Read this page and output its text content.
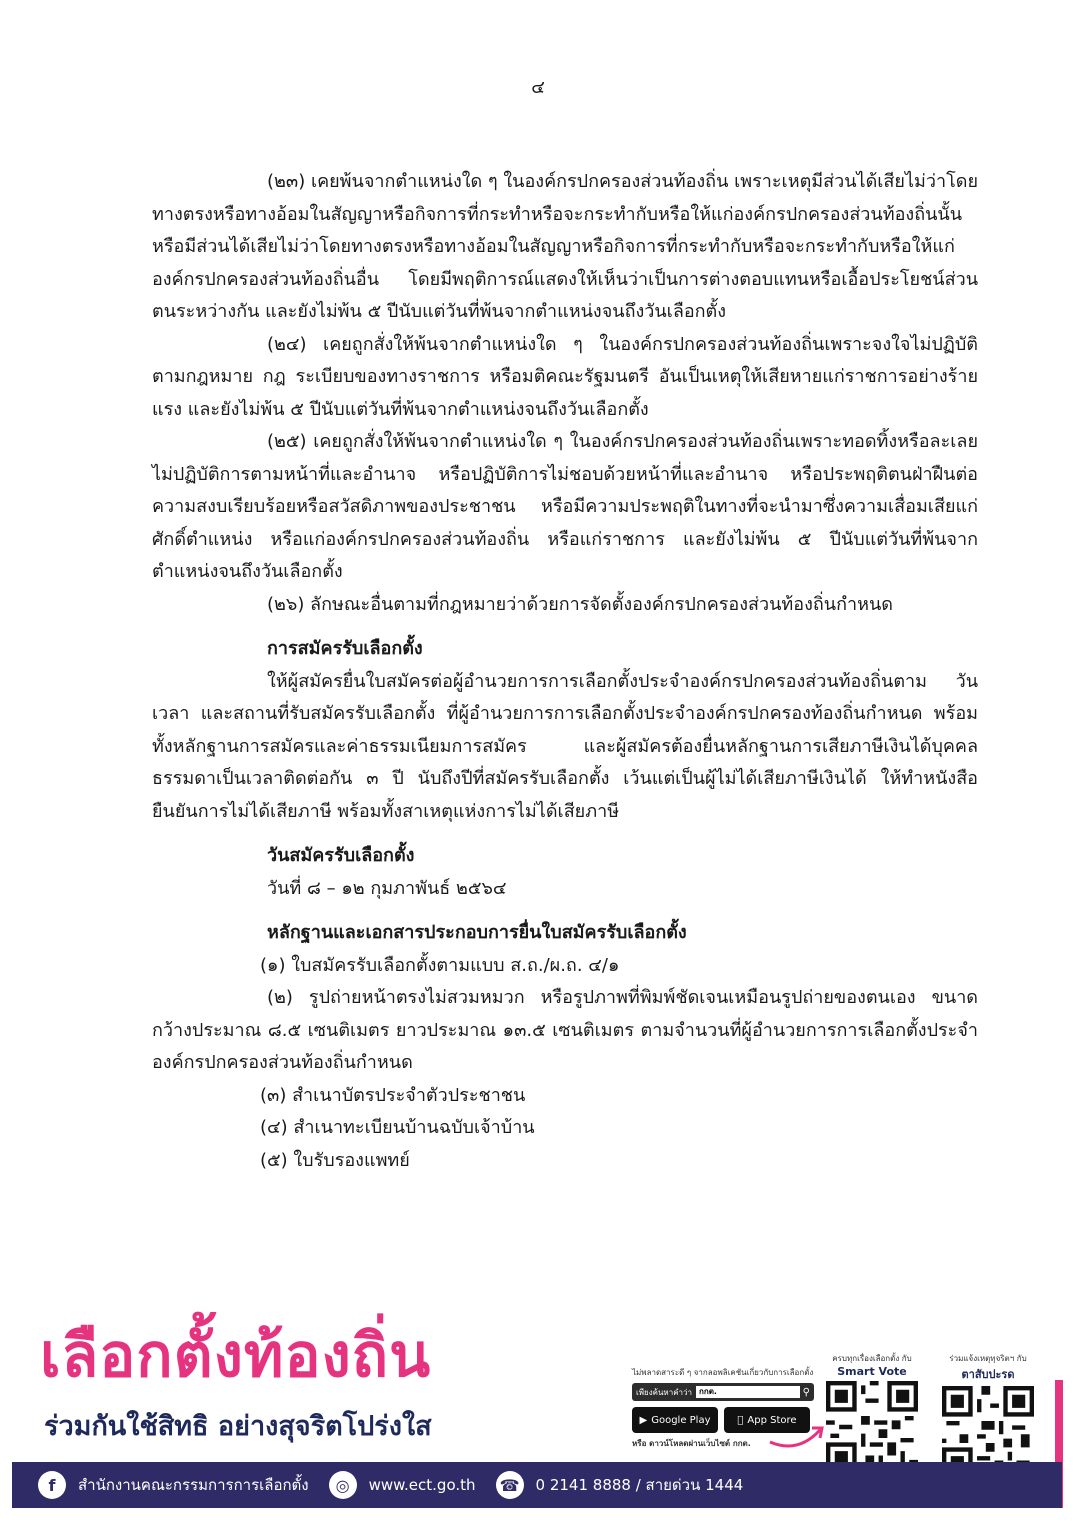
๔

(๒๓) เคยพ้นจากตำแหน่งใด ๆ ในองค์กรปกครองส่วนท้องถิ่น เพราะเหตุมีส่วนได้เสียไม่ว่าโดยทางตรงหรือทางอ้อมในสัญญาหรือกิจการที่กระทำหรือจะกระทำกับหรือให้แก่องค์กรปกครองส่วนท้องถิ่นนั้น หรือมีส่วนได้เสียไม่ว่าโดยทางตรงหรือทางอ้อมในสัญญาหรือกิจการที่กระทำกับหรือจะกระทำกับหรือให้แก่องค์กรปกครองส่วนท้องถิ่นอื่น โดยมีพฤติการณ์แสดงให้เห็นว่าเป็นการต่างตอบแทนหรือเอื้อประโยชน์ส่วนตนระหว่างกัน และยังไม่พ้น ๕ ปีนับแต่วันที่พ้นจากตำแหน่งจนถึงวันเลือกตั้ง

(๒๔) เคยถูกสั่งให้พ้นจากตำแหน่งใด ๆ ในองค์กรปกครองส่วนท้องถิ่นเพราะจงใจไม่ปฏิบัติตามกฎหมาย กฎ ระเบียบของทางราชการ หรือมติคณะรัฐมนตรี อันเป็นเหตุให้เสียหายแก่ราชการอย่างร้ายแรง และยังไม่พ้น ๕ ปีนับแต่วันที่พ้นจากตำแหน่งจนถึงวันเลือกตั้ง

(๒๕) เคยถูกสั่งให้พ้นจากตำแหน่งใด ๆ ในองค์กรปกครองส่วนท้องถิ่นเพราะทอดทิ้งหรือละเลยไม่ปฏิบัติการตามหน้าที่และอำนาจ หรือปฏิบัติการไม่ชอบด้วยหน้าที่และอำนาจ หรือประพฤติตนฝ่าฝืนต่อความสงบเรียบร้อยหรือสวัสดิภาพของประชาชน หรือมีความประพฤติในทางที่จะนำมาซึ่งความเสื่อมเสียแก่ศักดิ์ตำแหน่ง หรือแก่องค์กรปกครองส่วนท้องถิ่น หรือแก่ราชการ และยังไม่พ้น ๕ ปีนับแต่วันที่พ้นจากตำแหน่งจนถึงวันเลือกตั้ง

(๒๖) ลักษณะอื่นตามที่กฎหมายว่าด้วยการจัดตั้งองค์กรปกครองส่วนท้องถิ่นกำหนด

การสมัครรับเลือกตั้ง

ให้ผู้สมัครยื่นใบสมัครต่อผู้อำนวยการการเลือกตั้งประจำองค์กรปกครองส่วนท้องถิ่นตาม วัน เวลา และสถานที่รับสมัครรับเลือกตั้ง ที่ผู้อำนวยการการเลือกตั้งประจำองค์กรปกครองท้องถิ่นกำหนด พร้อมทั้งหลักฐานการสมัครและค่าธรรมเนียมการสมัคร และผู้สมัครต้องยื่นหลักฐานการเสียภาษีเงินได้บุคคลธรรมดาเป็นเวลาติดต่อกัน ๓ ปี นับถึงปีที่สมัครรับเลือกตั้ง เว้นแต่เป็นผู้ไม่ได้เสียภาษีเงินได้ ให้ทำหนังสือยืนยันการไม่ได้เสียภาษี พร้อมทั้งสาเหตุแห่งการไม่ได้เสียภาษี

วันสมัครรับเลือกตั้ง

วันที่ ๘ – ๑๒ กุมภาพันธ์ ๒๕๖๔

หลักฐานและเอกสารประกอบการยื่นใบสมัครรับเลือกตั้ง

(๑) ใบสมัครรับเลือกตั้งตามแบบ ส.ถ./ผ.ถ. ๔/๑

(๒) รูปถ่ายหน้าตรงไม่สวมหมวก หรือรูปภาพที่พิมพ์ชัดเจนเหมือนรูปถ่ายของตนเอง ขนาดกว้างประมาณ ๘.๕ เซนติเมตร ยาวประมาณ ๑๓.๕ เซนติเมตร ตามจำนวนที่ผู้อำนวยการการเลือกตั้งประจำองค์กรปกครองส่วนท้องถิ่นกำหนด

(๓) สำเนาบัตรประจำตัวประชาชน

(๔) สำเนาทะเบียนบ้านฉบับเจ้าบ้าน

(๕) ใบรับรองแพทย์

เลือกตั้งท้องถิ่น
ร่วมกันใช้สิทธิ อย่างสุจริตโปร่งใส
ไม่พลาดสาระดี ๆ จากลอพลิเคชันเกี่ยวกับการเลือกตั้ง
เพียงค้นหาคำว่า กกต.	⚲
▶ Google Play	App Store
หรือ ดาวน์โหลดผ่านเว็บไซต์ กกต.
ครบทุกเรื่องเลือกตั้ง กับ
Smart Vote
ร่วมแจ้งเหตุทุจริตฯ กับ
ตาสับปะรด
f	สำนักงานคณะกรรมการการเลือกตั้ง	◎	www.ect.go.th ☎ 0 2141 8888 / สายด่วน 1444
